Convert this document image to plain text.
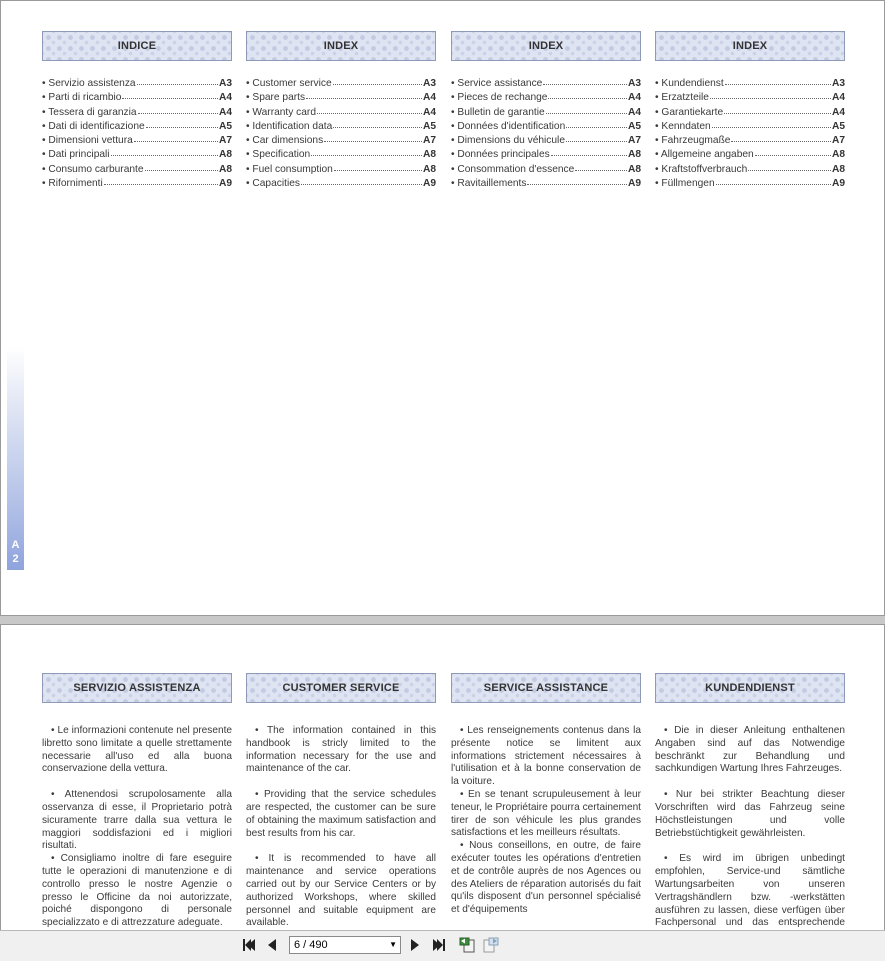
INDICE
• Servizio assistenza	A3
• Parti di ricambio	A4
• Tessera di garanzia	A4
• Dati di identificazione	A5
• Dimensioni vettura	A7
• Dati principali	A8
• Consumo carburante	A8
• Rifornimenti	A9
INDEX
• Customer service	A3
• Spare parts	A4
• Warranty card	A4
• Identification data	A5
• Car dimensions	A7
• Specification	A8
• Fuel consumption	A8
• Capacities	A9
INDEX
• Service assistance	A3
• Pieces de rechange	A4
• Bulletin de garantie	A4
• Données d'identification	A5
• Dimensions du véhicule	A7
• Données principales	A8
• Consommation d'essence	A8
• Ravitaillements	A9
INDEX
• Kundendienst	A3
• Erzatzteile	A4
• Garantiekarte	A4
• Kenndaten	A5
• Fahrzeugmaße	A7
• Allgemeine angaben	A8
• Kraftstoffverbrauch	A8
• Füllmengen	A9
A
2
SERVIZIO ASSISTENZA

• Le informazioni contenute nel presente libretto sono limitate a quelle strettamente necessarie all'uso ed alla buona conservazione della vettura.

• Attenendosi scrupolosamente alla osservanza di esse, il Proprietario potrà sicuramente trarre dalla sua vettura le maggiori soddisfazioni ed i migliori risultati.

• Consigliamo inoltre di fare eseguire tutte le operazioni di manutenzione e di controllo presso le nostre Agenzie o presso le Officine da noi autorizzate, poiché dispongono di personale specializzato e di attrezzature adeguate.

CUSTOMER SERVICE

• The information contained in this handbook is stricly limited to the information necessary for the use and maintenance of the car.

• Providing that the service schedules are respected, the customer can be sure of obtaining the maximum satisfaction and best results from his car.

• It is recommended to have all maintenance and service operations carried out by our Service Centers or by authorized Workshops, where skilled personnel and suitable equipment are available.

SERVICE ASSISTANCE

• Les renseignements contenus dans la présente notice se limitent aux informations strictement nécessaires à l'utilisation et à la bonne conservation de la voiture.

• En se tenant scrupuleusement à leur teneur, le Propriétaire pourra certainement tirer de son véhicule les plus grandes satisfactions et les meilleurs résultats.

• Nous conseillons, en outre, de faire exécuter toutes les opérations d'entretien et de contrôle auprès de nos Agences ou des Ateliers de réparation autorisés du fait qu'ils disposent d'un personnel spécialisé et d'équipements

KUNDENDIENST

• Die in dieser Anleitung enthaltenen Angaben sind auf das Notwendige beschränkt zur Behandlung und sachkundigen Wartung Ihres Fahrzeuges.

• Nur bei strikter Beachtung dieser Vorschriften wird das Fahrzeug seine Höchstleistungen und volle Betriebstüchtigkeit gewährleisten.

• Es wird im übrigen unbedingt empfohlen, Service-und sämtliche Wartungsarbeiten von unseren Vertragshändlern bzw. -werkstätten ausführen zu lassen, diese verfügen über Fachpersonal und das entsprechende

6 / 490	▼
